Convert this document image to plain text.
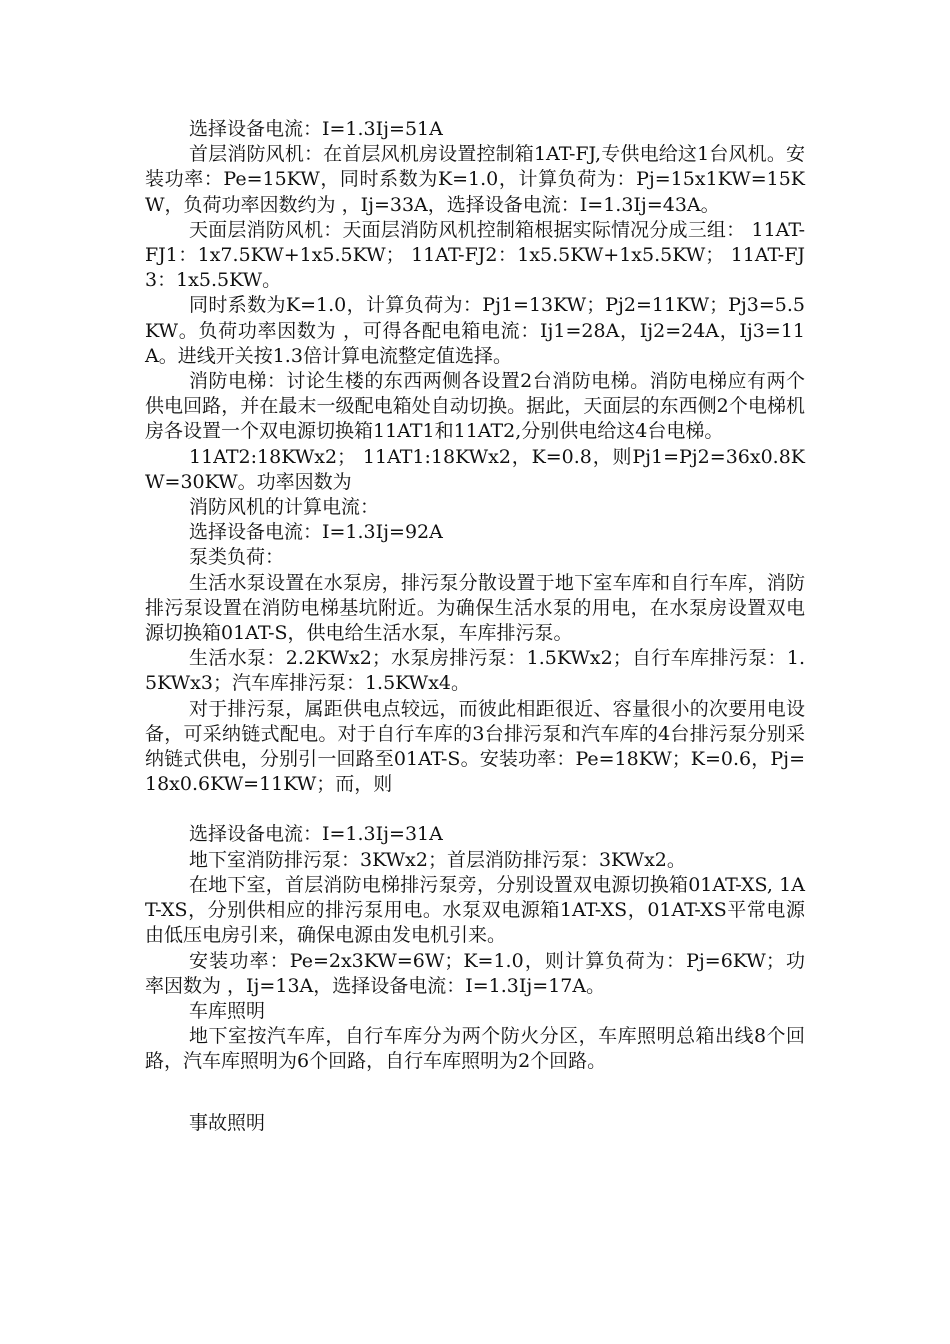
选择设备电流：I=1.3Ij=51A

首层消防风机：在首层风机房设置控制箱1AT-FJ,专供电给这1台风机。安装功率：Pe=15KW，同时系数为K=1.0，计算负荷为：Pj=15x1KW=15KW，负荷功率因数约为 ，Ij=33A，选择设备电流：I=1.3Ij=43A。

天面层消防风机：天面层消防风机控制箱根据实际情况分成三组： 11AT-FJ1：1x7.5KW+1x5.5KW； 11AT-FJ2：1x5.5KW+1x5.5KW； 11AT-FJ3：1x5.5KW。

同时系数为K=1.0，计算负荷为：Pj1=13KW；Pj2=11KW；Pj3=5.5KW。负荷功率因数为 ，可得各配电箱电流：Ij1=28A，Ij2=24A，Ij3=11A。进线开关按1.3倍计算电流整定值选择。

消防电梯：讨论生楼的东西两侧各设置2台消防电梯。消防电梯应有两个供电回路，并在最末一级配电箱处自动切换。据此，天面层的东西侧2个电梯机房各设置一个双电源切换箱11AT1和11AT2,分别供电给这4台电梯。

11AT2:18KWx2； 11AT1:18KWx2，K=0.8，则Pj1=Pj2=36x0.8KW=30KW。功率因数为

消防风机的计算电流：

选择设备电流：I=1.3Ij=92A

泵类负荷：

生活水泵设置在水泵房，排污泵分散设置于地下室车库和自行车库，消防排污泵设置在消防电梯基坑附近。为确保生活水泵的用电，在水泵房设置双电源切换箱01AT-S，供电给生活水泵，车库排污泵。

生活水泵：2.2KWx2；水泵房排污泵：1.5KWx2；自行车库排污泵：1.5KWx3；汽车库排污泵：1.5KWx4。

对于排污泵，属距供电点较远，而彼此相距很近、容量很小的次要用电设备，可采纳链式配电。对于自行车库的3台排污泵和汽车库的4台排污泵分别采纳链式供电，分别引一回路至01AT-S。安装功率：Pe=18KW；K=0.6，Pj=18x0.6KW=11KW；而，则

选择设备电流：I=1.3Ij=31A

地下室消防排污泵：3KWx2；首层消防排污泵：3KWx2。

在地下室，首层消防电梯排污泵旁，分别设置双电源切换箱01AT-XS, 1AT-XS，分别供相应的排污泵用电。水泵双电源箱1AT-XS，01AT-XS平常电源由低压电房引来，确保电源由发电机引来。

安装功率：Pe=2x3KW=6W；K=1.0，则计算负荷为：Pj=6KW；功率因数为 ，Ij=13A，选择设备电流：I=1.3Ij=17A。

车库照明

地下室按汽车库，自行车库分为两个防火分区，车库照明总箱出线8个回路，汽车库照明为6个回路，自行车库照明为2个回路。

事故照明
